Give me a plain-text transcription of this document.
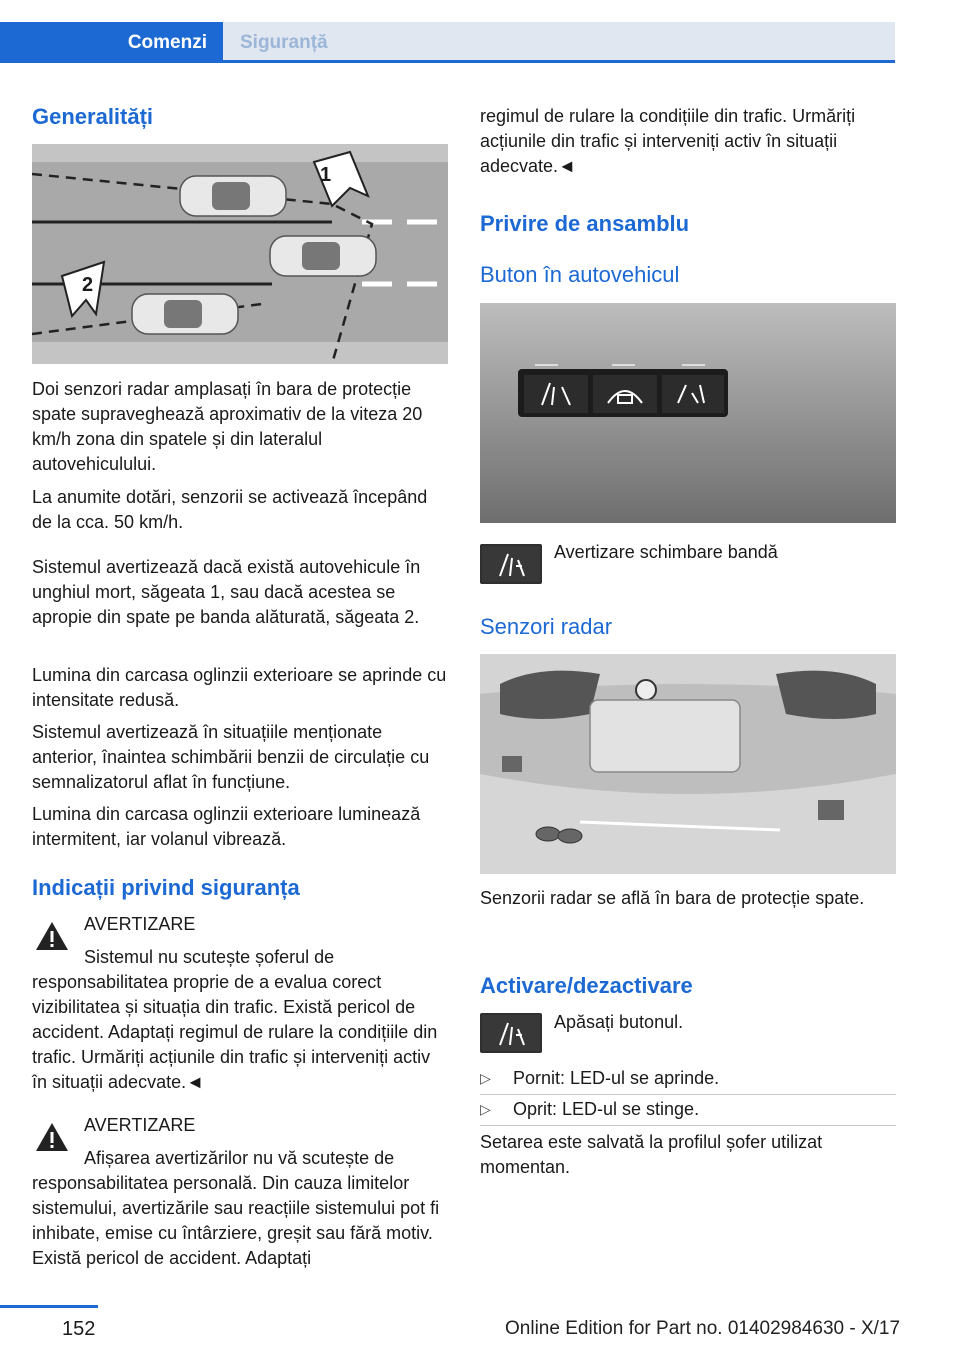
Comenzi	Siguranță
Generalități
1
2

Doi senzori radar amplasați în bara de protecție spate supraveghează aproximativ de la viteza 20 km/h zona din spatele și din lateralul autovehiculului.

La anumite dotări, senzorii se activează începând de la cca. 50 km/h.

Sistemul avertizează dacă există autovehicule în unghiul mort, săgeata 1, sau dacă acestea se apropie din spate pe banda alăturată, săgeata 2.

Lumina din carcasa oglinzii exterioare se aprinde cu intensitate redusă.

Sistemul avertizează în situațiile menționate anterior, înaintea schimbării benzii de circulație cu semnalizatorul aflat în funcțiune.

Lumina din carcasa oglinzii exterioare luminează intermitent, iar volanul vibrează.

Indicații privind siguranța
AVERTIZARE

Sistemul nu scutește șoferul de responsabilitatea proprie de a evalua corect vizibilitatea și situația din trafic. Există pericol de accident. Adaptați regimul de rulare la condițiile din trafic. Urmăriți acțiunile din trafic și interveniți activ în situații adecvate.◄

AVERTIZARE

Afișarea avertizărilor nu vă scutește de responsabilitatea personală. Din cauza limitelor sistemului, avertizările sau reacțiile sistemului pot fi inhibate, emise cu întârziere, greșit sau fără motiv. Există pericol de accident. Adaptați

regimul de rulare la condițiile din trafic. Urmăriți acțiunile din trafic și interveniți activ în situații adecvate.◄

Privire de ansamblu
Buton în autovehicul
Avertizare schimbare bandă
Senzori radar

Senzorii radar se află în bara de protecție spate.

Activare/dezactivare
Apăsați butonul.
▷ Pornit: LED-ul se aprinde.
▷ Oprit: LED-ul se stinge.

Setarea este salvată la profilul șofer utilizat momentan.

152	Online Edition for Part no. 01402984630 - X/17
